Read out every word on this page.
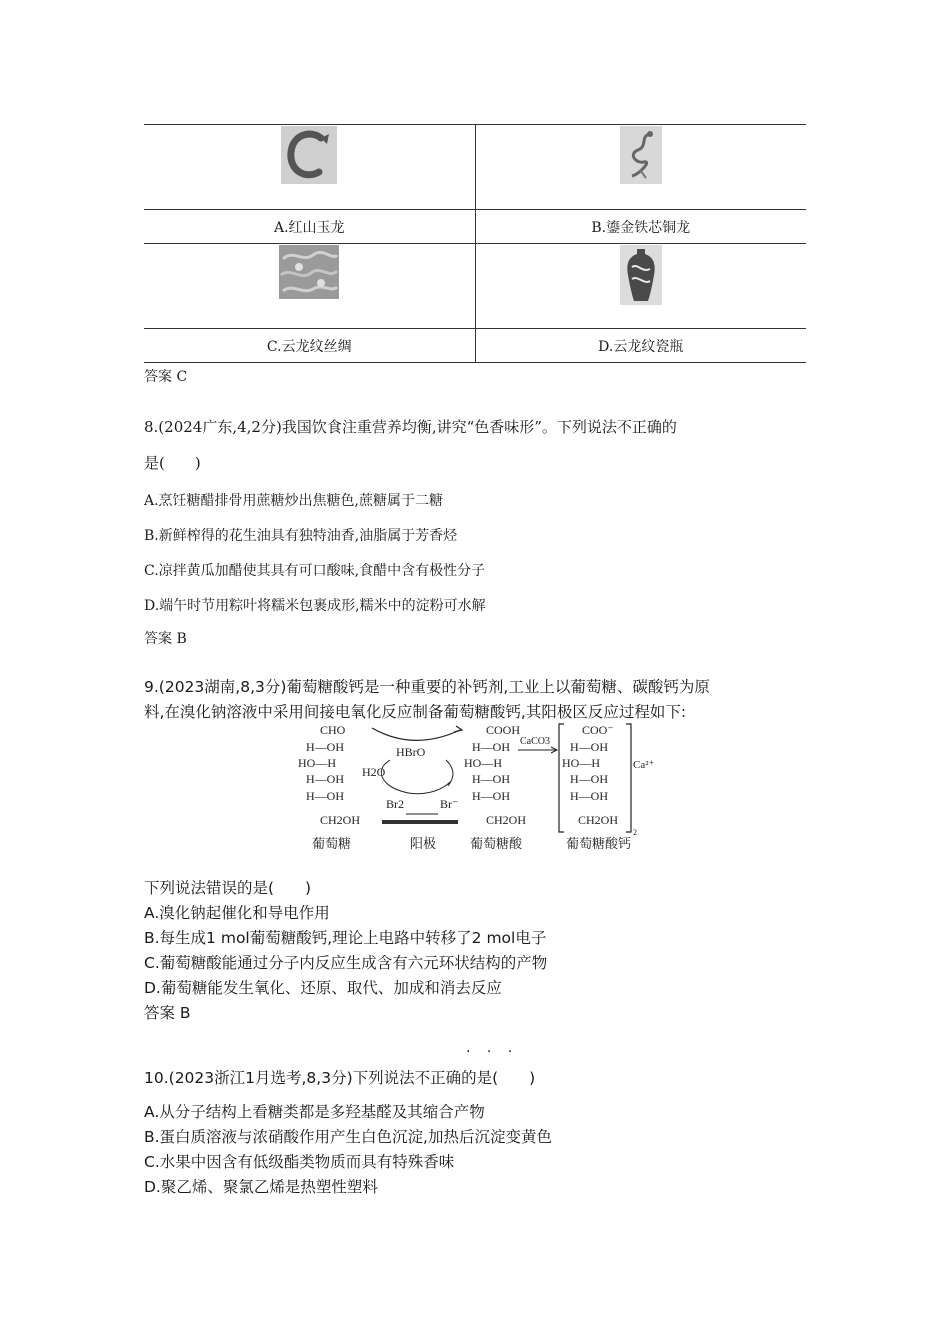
A.红山玉龙	B.鎏金铁芯铜龙

C.云龙纹丝绸	D.云龙纹瓷瓶
答案 C
8.(2024广东,4,2分)我国饮食注重营养均衡,讲究“色香味形”。下列说法不正确的
是(　　)
A.烹饪糖醋排骨用蔗糖炒出焦糖色,蔗糖属于二糖
B.新鲜榨得的花生油具有独特油香,油脂属于芳香烃
C.凉拌黄瓜加醋使其具有可口酸味,食醋中含有极性分子
D.端午时节用粽叶将糯米包裹成形,糯米中的淀粉可水解
答案 B
9.(2023湖南,8,3分)葡萄糖酸钙是一种重要的补钙剂,工业上以葡萄糖、碳酸钙为原
料,在溴化钠溶液中采用间接电氧化反应制备葡萄糖酸钙,其阳极区反应过程如下:
CHO
H—OH
HO—H
H—OH
H—OH
CH2OH
葡萄糖
HBrO
H2O
Br2	Br⁻
阳极
COOH
H—OH
HO—H
H—OH
H—OH
CH2OH
葡萄糖酸
CaCO3
COO⁻
H—OH
HO—H
H—OH
H—OH
CH2OH
2
Ca²⁺
葡萄糖酸钙
下列说法错误的是(　　)
A.溴化钠起催化和导电作用
B.每生成1 mol葡萄糖酸钙,理论上电路中转移了2 mol电子
C.葡萄糖酸能通过分子内反应生成含有六元环状结构的产物
D.葡萄糖能发生氧化、还原、取代、加成和消去反应
答案 B
· · ·
10.(2023浙江1月选考,8,3分)下列说法不正确的是(　　)
A.从分子结构上看糖类都是多羟基醛及其缩合产物
B.蛋白质溶液与浓硝酸作用产生白色沉淀,加热后沉淀变黄色
C.水果中因含有低级酯类物质而具有特殊香味
D.聚乙烯、聚氯乙烯是热塑性塑料
